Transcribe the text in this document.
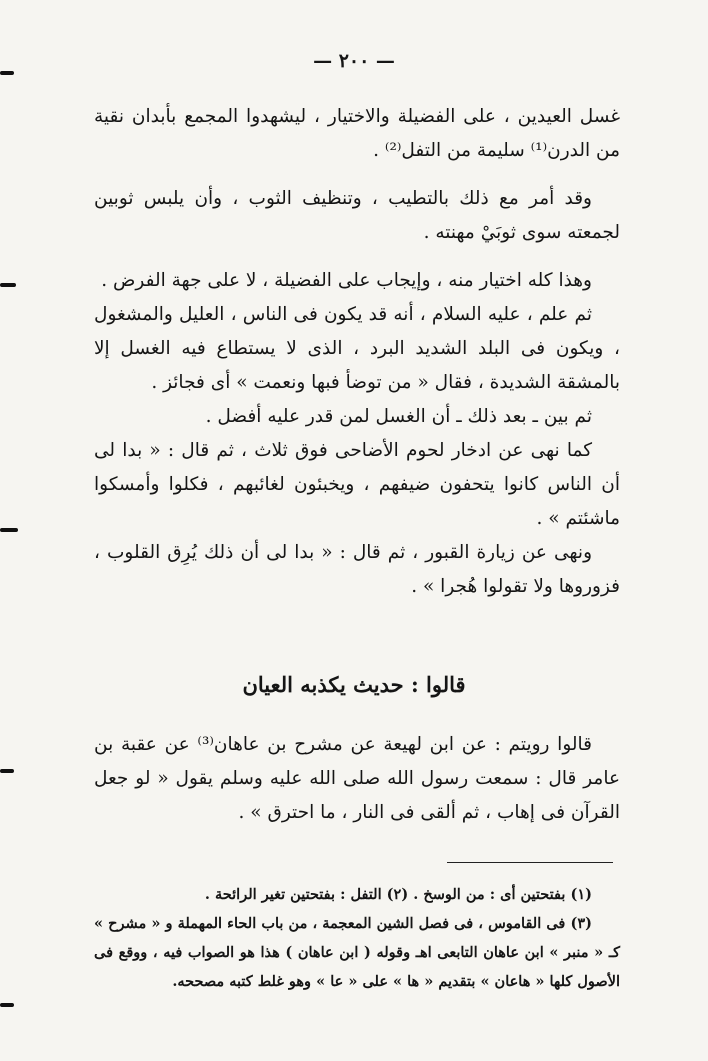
— ٢٠٠ —

غسل العيدين ، على الفضيلة والاختيار ، ليشهدوا المجمع بأبدان نقية من الدرن⁽¹⁾ سليمة من التفل⁽²⁾ .

وقد أمر مع ذلك بالتطيب ، وتنظيف الثوب ، وأن يلبس ثوبين لجمعته سوى ثوبَيْ مهنته .

وهذا كله اختيار منه ، وإيجاب على الفضيلة ، لا على جهة الفرض .

ثم علم ، عليه السلام ، أنه قد يكون فى الناس ، العليل والمشغول ، ويكون فى البلد الشديد البرد ، الذى لا يستطاع فيه الغسل إلا بالمشقة الشديدة ، فقال « من توضأ فبها ونعمت » أى فجائز .

ثم بين ـ بعد ذلك ـ أن الغسل لمن قدر عليه أفضل .

كما نهى عن ادخار لحوم الأضاحى فوق ثلاث ، ثم قال : « بدا لى أن الناس كانوا يتحفون ضيفهم ، ويخبئون لغائبهم ، فكلوا وأمسكوا ماشئتم » .

ونهى عن زيارة القبور ، ثم قال : « بدا لى أن ذلك يُرِق القلوب ، فزوروها ولا تقولوا هُجرا » .

قالوا : حديث يكذبه العيان

قالوا رويتم : عن ابن لهيعة عن مشرح بن عاهان⁽³⁾ عن عقبة بن عامر قال : سمعت رسول الله صلى الله عليه وسلم يقول « لو جعل القرآن فى إهاب ، ثم ألقى فى النار ، ما احترق » .

(١) بفتحتين أى : من الوسخ . (٢) التفل : بفتحتين تغير الرائحة .

(٣) فى القاموس ، فى فصل الشين المعجمة ، من باب الحاء المهملة و « مشرح » كـ « منبر » ابن عاهان التابعى اهـ وقوله ( ابن عاهان ) هذا هو الصواب فيه ، ووقع فى الأصول كلها « هاعان » بتقديم « ها » على « عا » وهو غلط كتبه مصححه.
